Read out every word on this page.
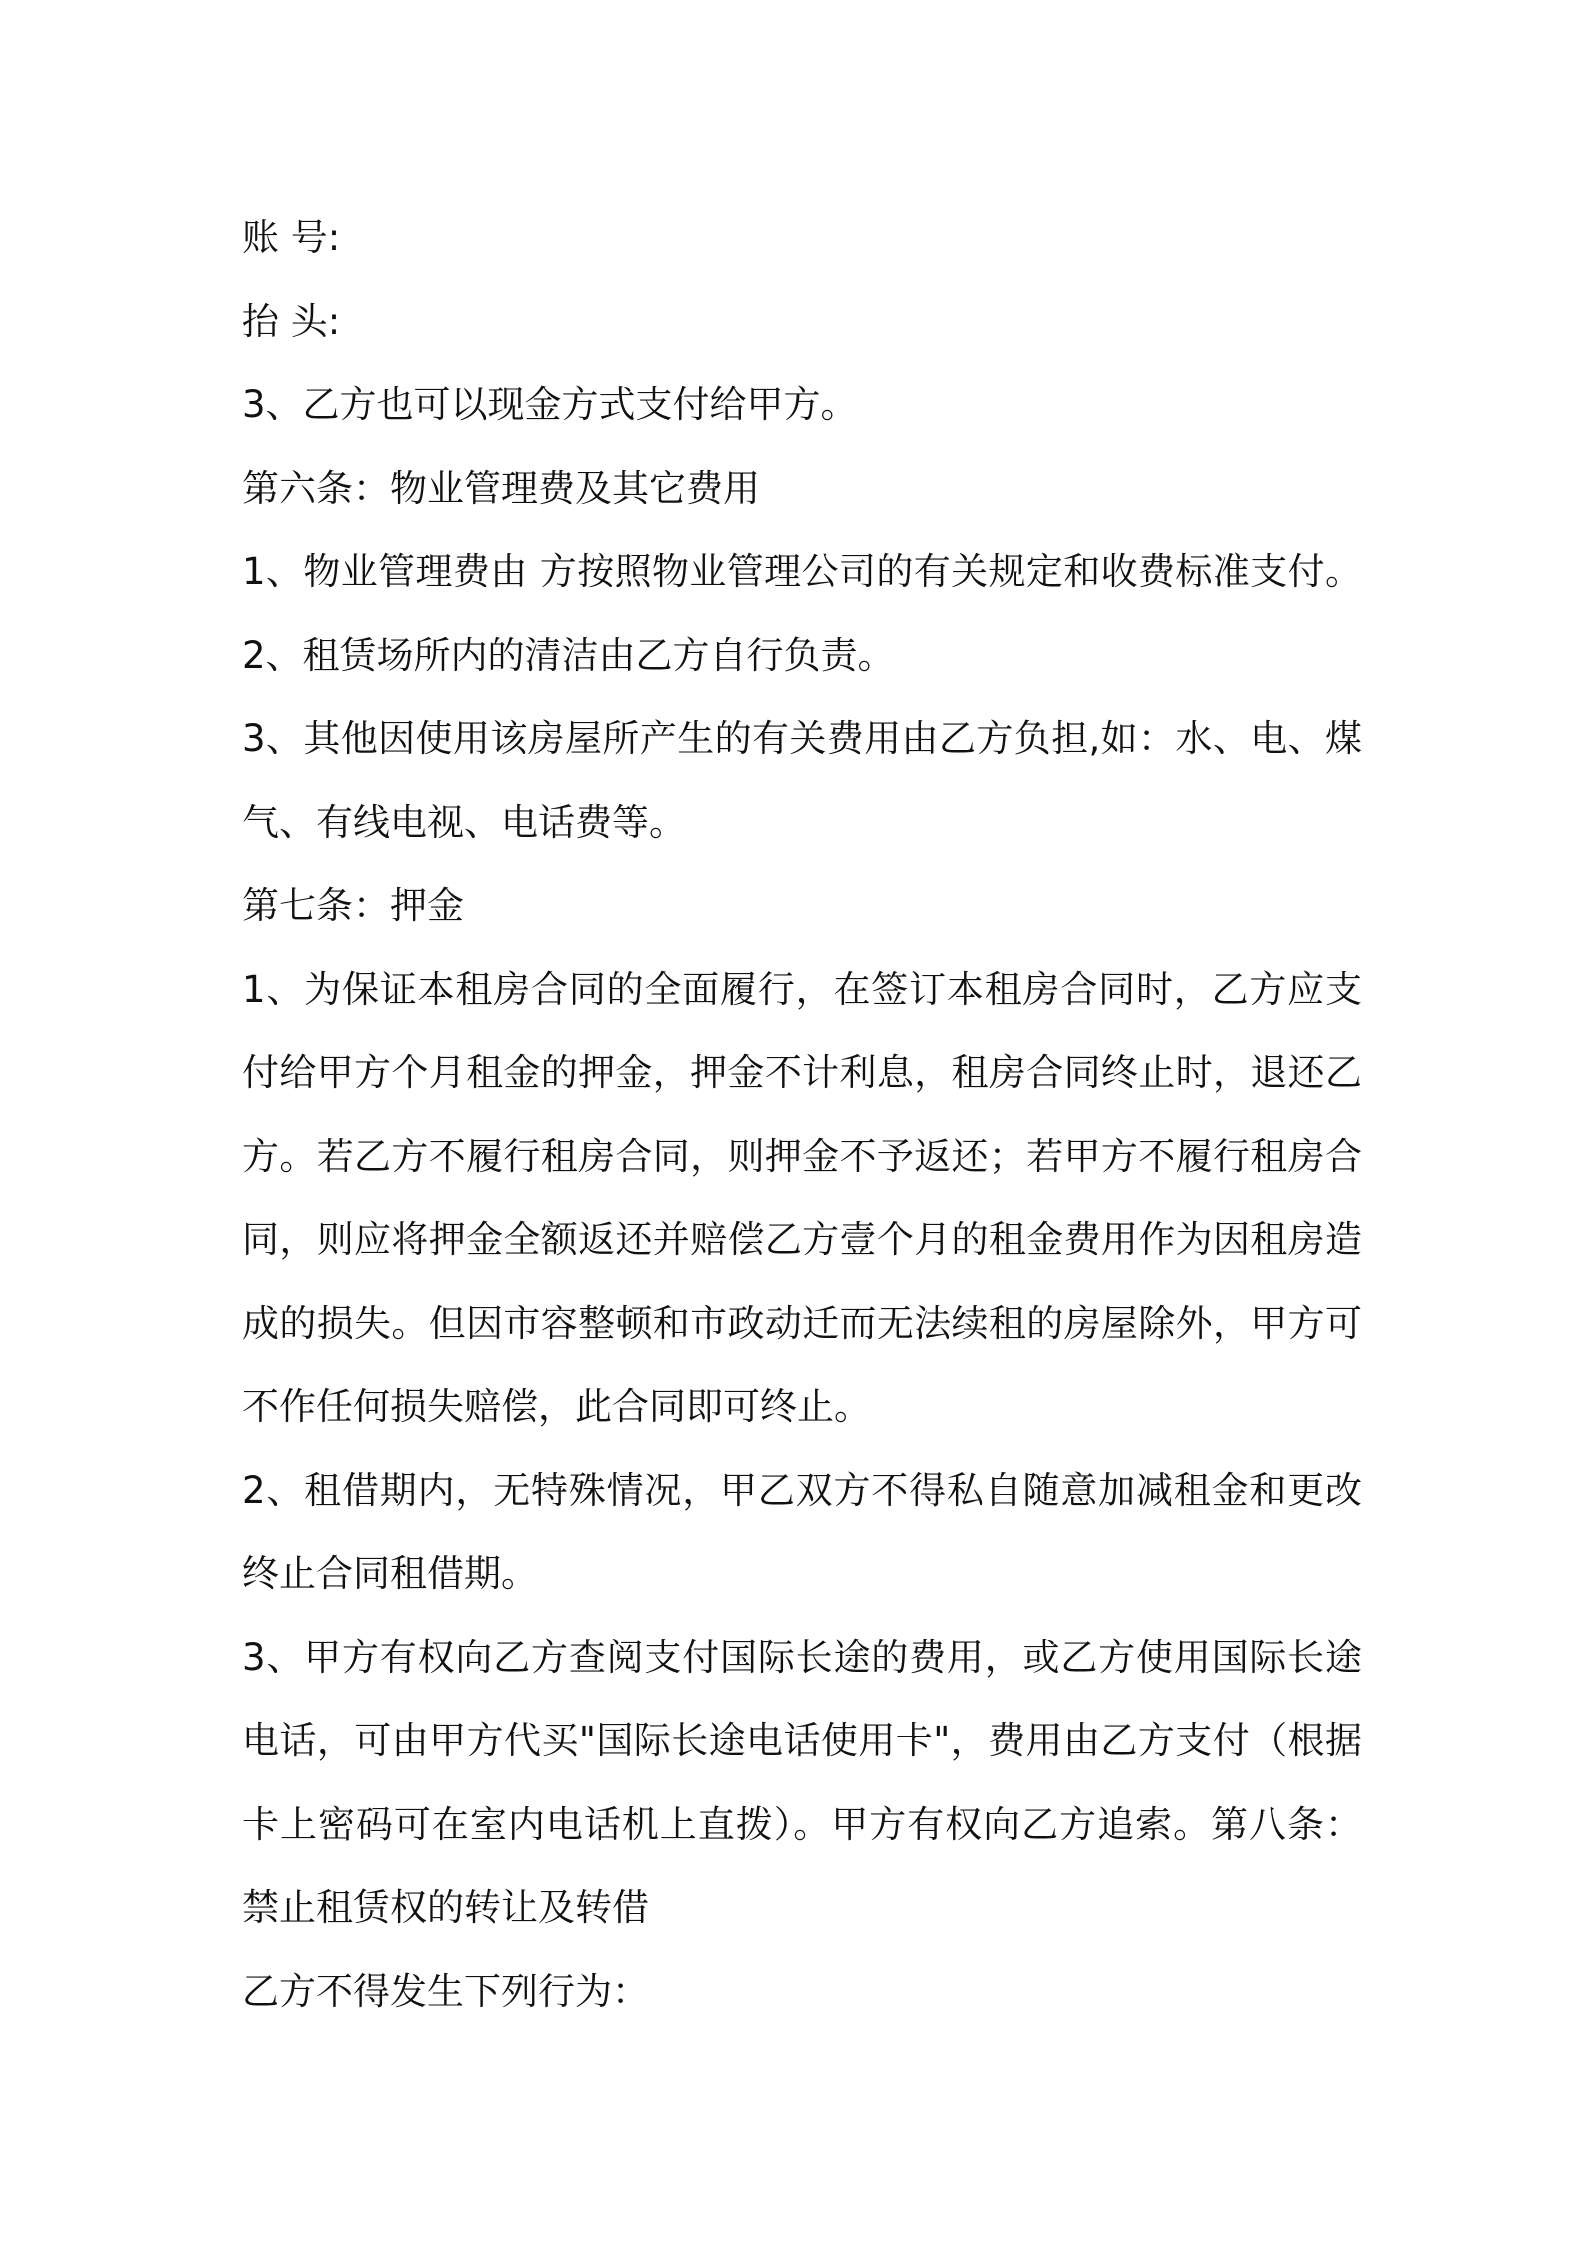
账 号:
抬 头:
3、乙方也可以现金方式支付给甲方。
第六条：物业管理费及其它费用
1、物业管理费由 方按照物业管理公司的有关规定和收费标准支付。
2、租赁场所内的清洁由乙方自行负责。
3、其他因使用该房屋所产生的有关费用由乙方负担,如：水、电、煤
气、有线电视、电话费等。
第七条：押金
1、为保证本租房合同的全面履行，在签订本租房合同时，乙方应支
付给甲方个月租金的押金，押金不计利息，租房合同终止时，退还乙
方。若乙方不履行租房合同，则押金不予返还；若甲方不履行租房合
同，则应将押金全额返还并赔偿乙方壹个月的租金费用作为因租房造
成的损失。但因市容整顿和市政动迁而无法续租的房屋除外，甲方可
不作任何损失赔偿，此合同即可终止。
2、租借期内，无特殊情况，甲乙双方不得私自随意加减租金和更改
终止合同租借期。
3、甲方有权向乙方查阅支付国际长途的费用，或乙方使用国际长途
电话，可由甲方代买"国际长途电话使用卡"，费用由乙方支付（根据
卡上密码可在室内电话机上直拨）。甲方有权向乙方追索。第八条：
禁止租赁权的转让及转借
乙方不得发生下列行为：
